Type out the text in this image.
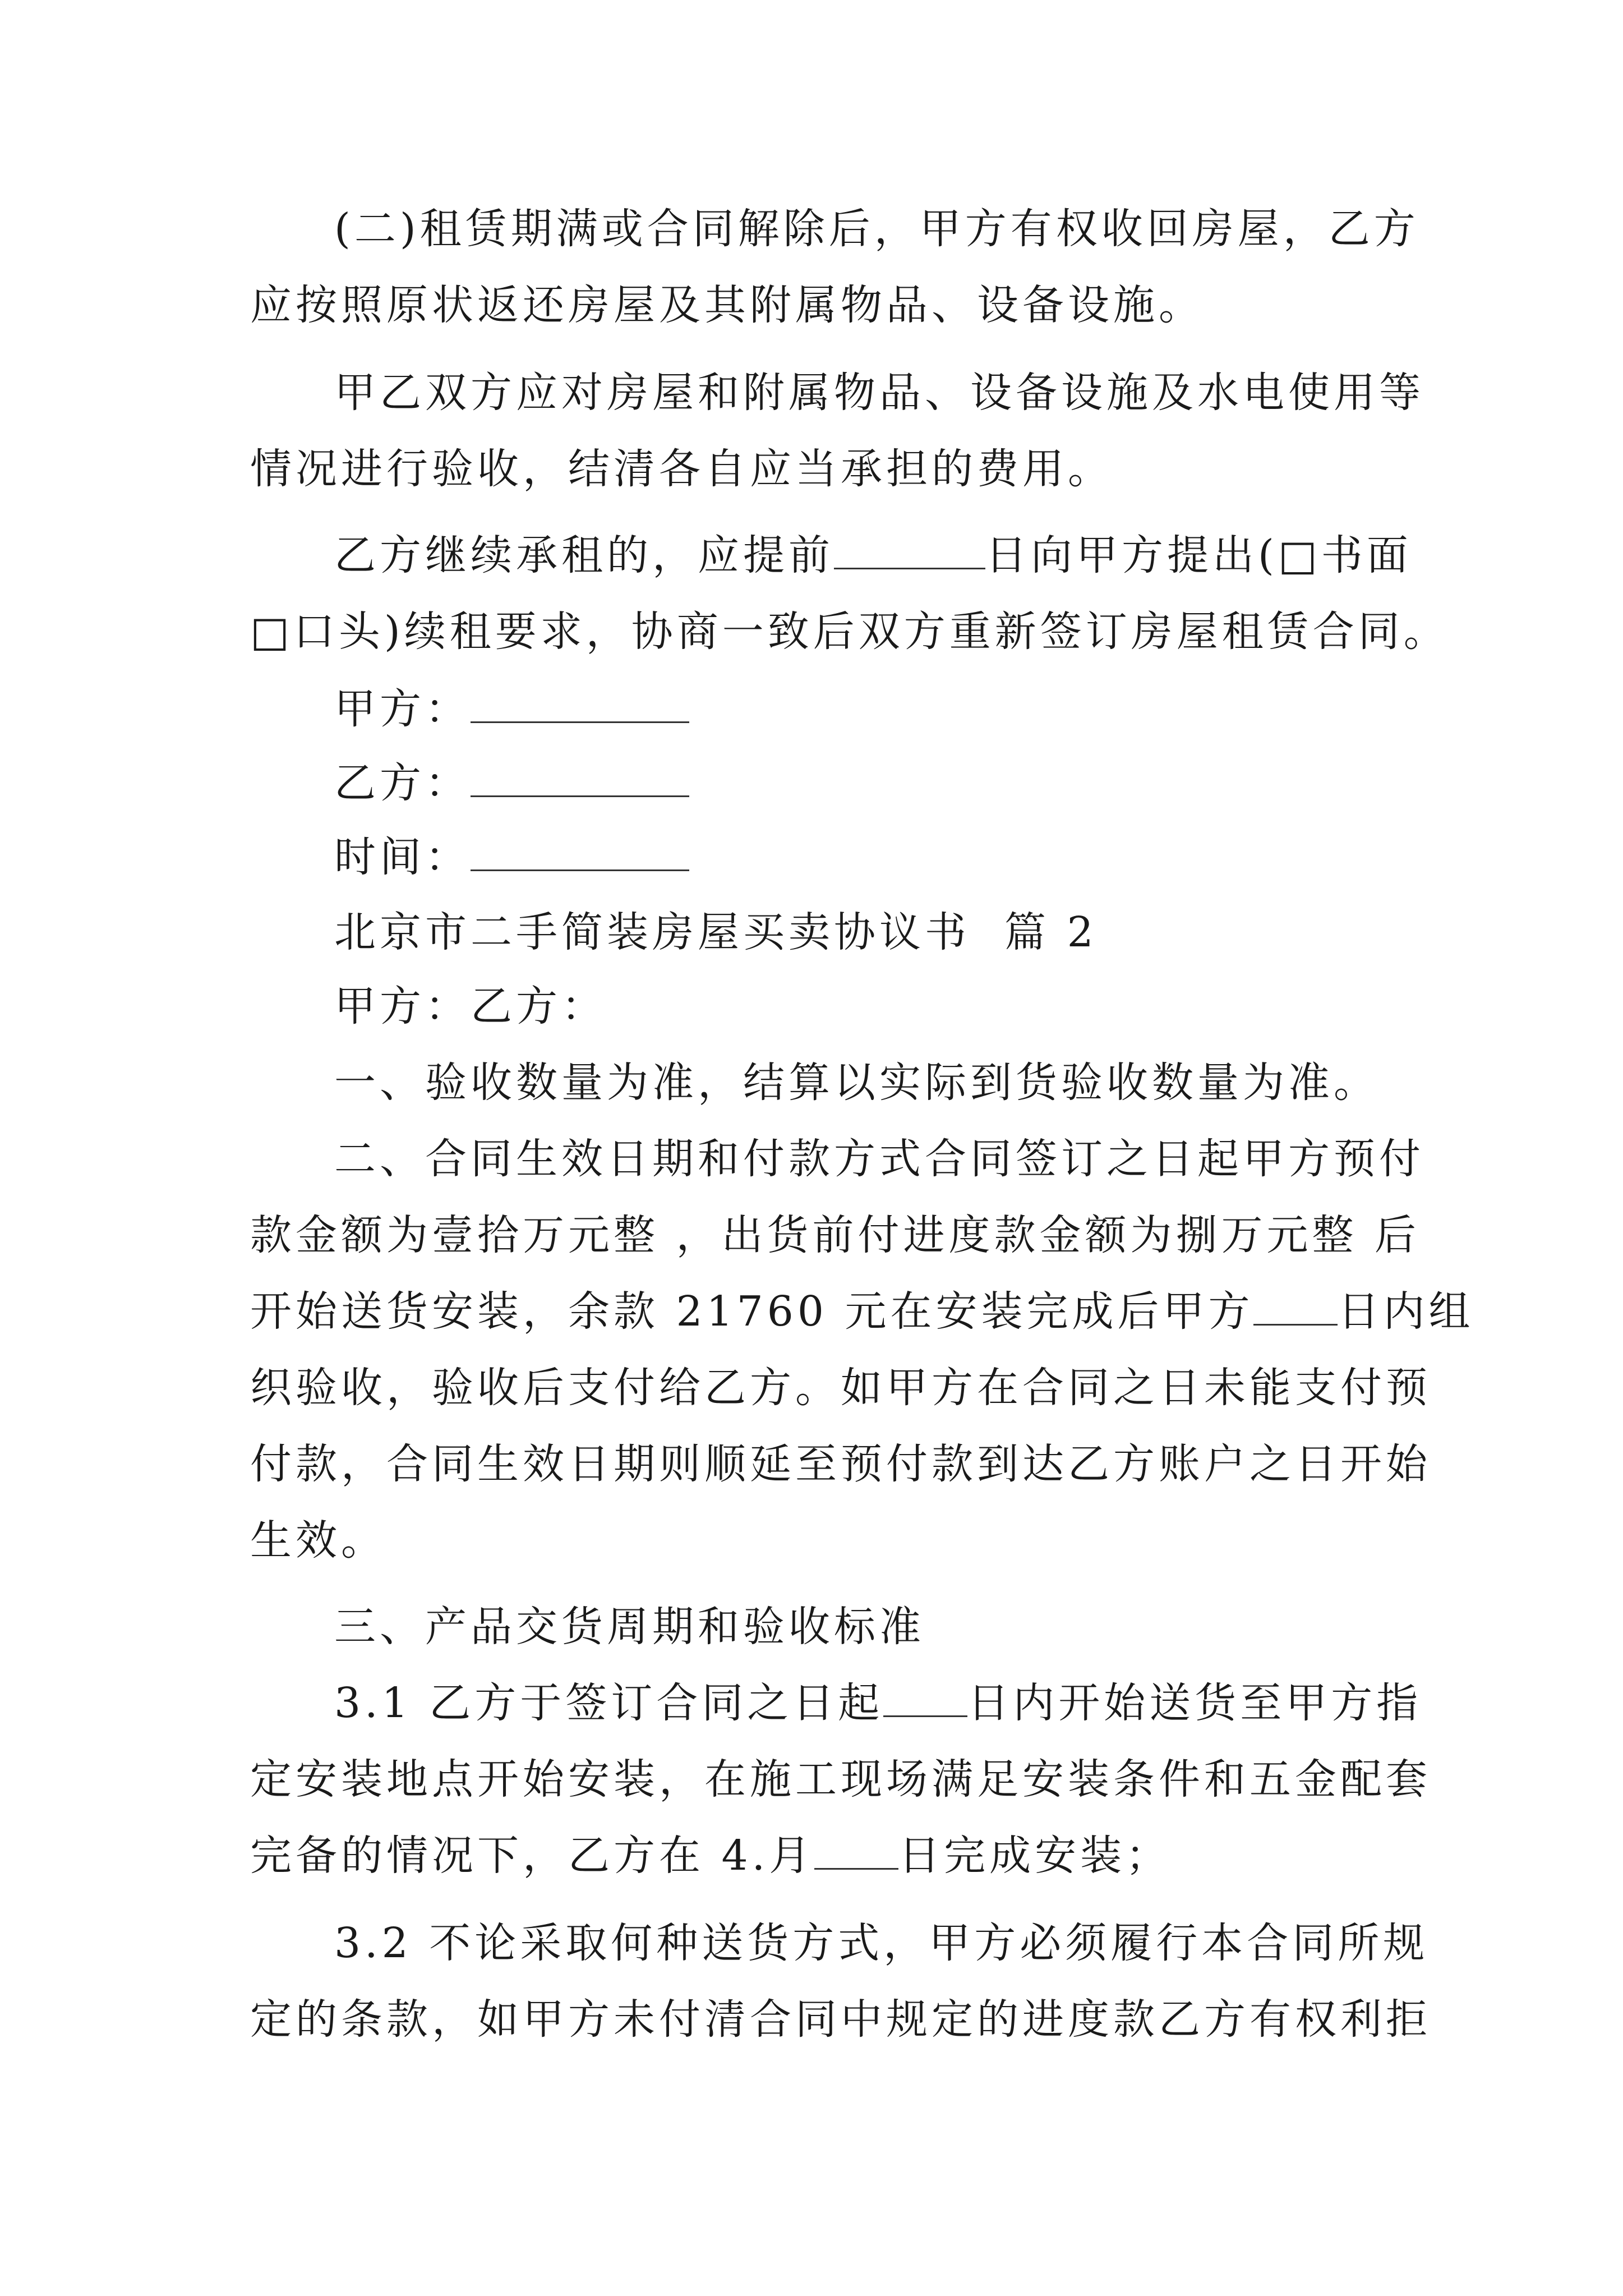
(二)租赁期满或合同解除后，甲方有权收回房屋，乙方
应按照原状返还房屋及其附属物品、设备设施。
甲乙双方应对房屋和附属物品、设备设施及水电使用等
情况进行验收，结清各自应当承担的费用。
乙方继续承租的，应提前	日向甲方提出(□书面
□口头)续租要求，协商一致后双方重新签订房屋租赁合同。
甲方：
乙方：
时间：
北京市二手简装房屋买卖协议书  篇 2
甲方：乙方：
一、验收数量为准，结算以实际到货验收数量为准。
二、合同生效日期和付款方式合同签订之日起甲方预付
款金额为壹拾万元整 ，出货前付进度款金额为捌万元整 后
开始送货安装，余款 21760 元在安装完成后甲方 日内组
织验收，验收后支付给乙方。如甲方在合同之日未能支付预
付款，合同生效日期则顺延至预付款到达乙方账户之日开始
生效。
三、产品交货周期和验收标准
3.1 乙方于签订合同之日起 日内开始送货至甲方指
定安装地点开始安装，在施工现场满足安装条件和五金配套
完备的情况下，乙方在 4.月 日完成安装；
3.2 不论采取何种送货方式，甲方必须履行本合同所规
定的条款，如甲方未付清合同中规定的进度款乙方有权利拒
